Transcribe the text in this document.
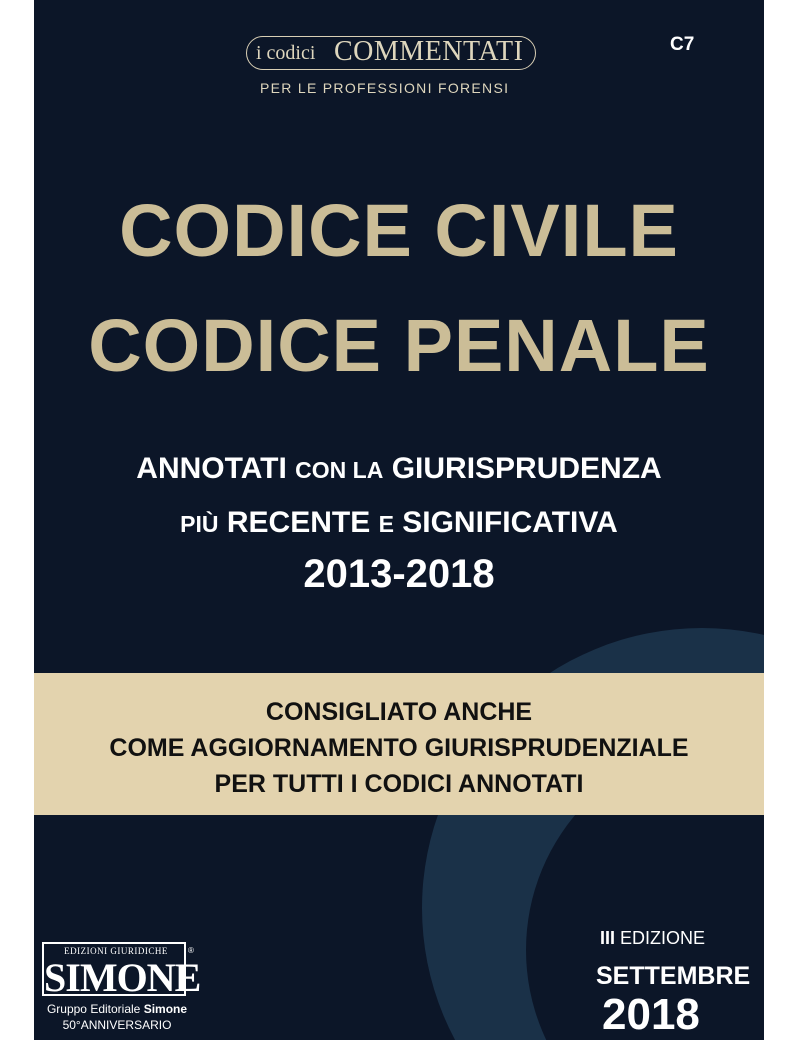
i codici COMMENTATI
PER LE PROFESSIONI FORENSI
C7
CODICE CIVILE
CODICE PENALE
ANNOTATI CON LA GIURISPRUDENZA
PIÙ RECENTE E SIGNIFICATIVA
2013-2018
CONSIGLIATO ANCHE
COME AGGIORNAMENTO GIURISPRUDENZIALE
PER TUTTI I CODICI ANNOTATI
EDIZIONI GIURIDICHE
SIMONE
®
Gruppo Editoriale Simone
50°ANNIVERSARIO
III EDIZIONE
SETTEMBRE
2018
